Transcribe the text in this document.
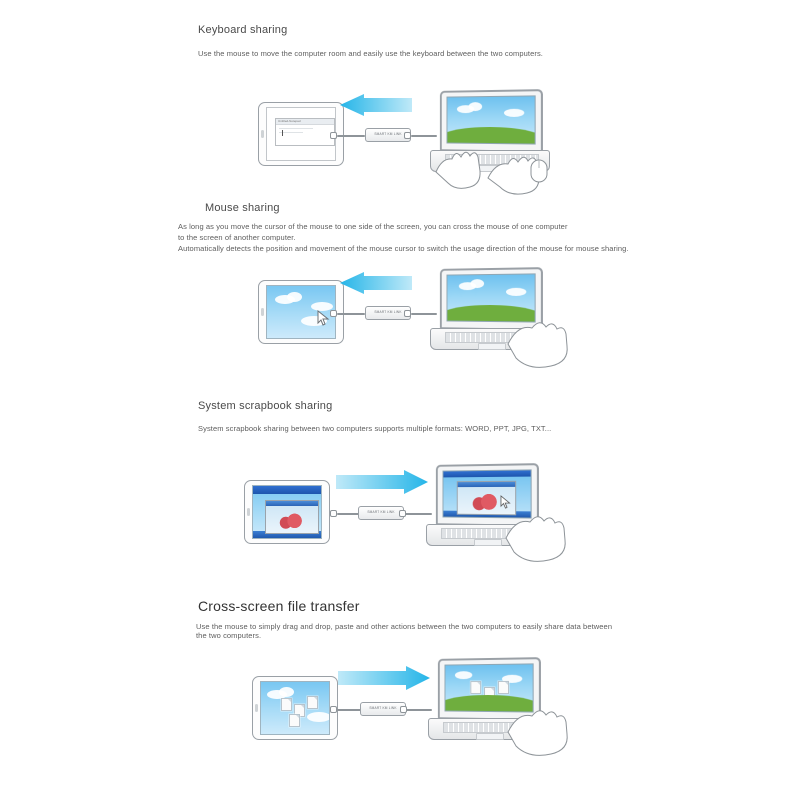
Keyboard sharing
Use the mouse to move the computer room and easily use the keyboard between the two computers.
Untitled-Notepad
SMART KM LINK
Mouse sharing
As long as you move the cursor of the mouse to one side of the screen, you can cross the mouse of one computer to the screen of another computer.
Automatically detects the position and movement of the mouse cursor to switch the usage direction of the mouse for mouse sharing.
SMART KM LINK
System scrapbook sharing
System scrapbook sharing between two computers supports multiple formats: WORD, PPT, JPG, TXT...
SMART KM LINK
Cross-screen file transfer
Use the mouse to simply drag and drop, paste and other actions between the two computers to easily share data between
the two computers.
SMART KM LINK
